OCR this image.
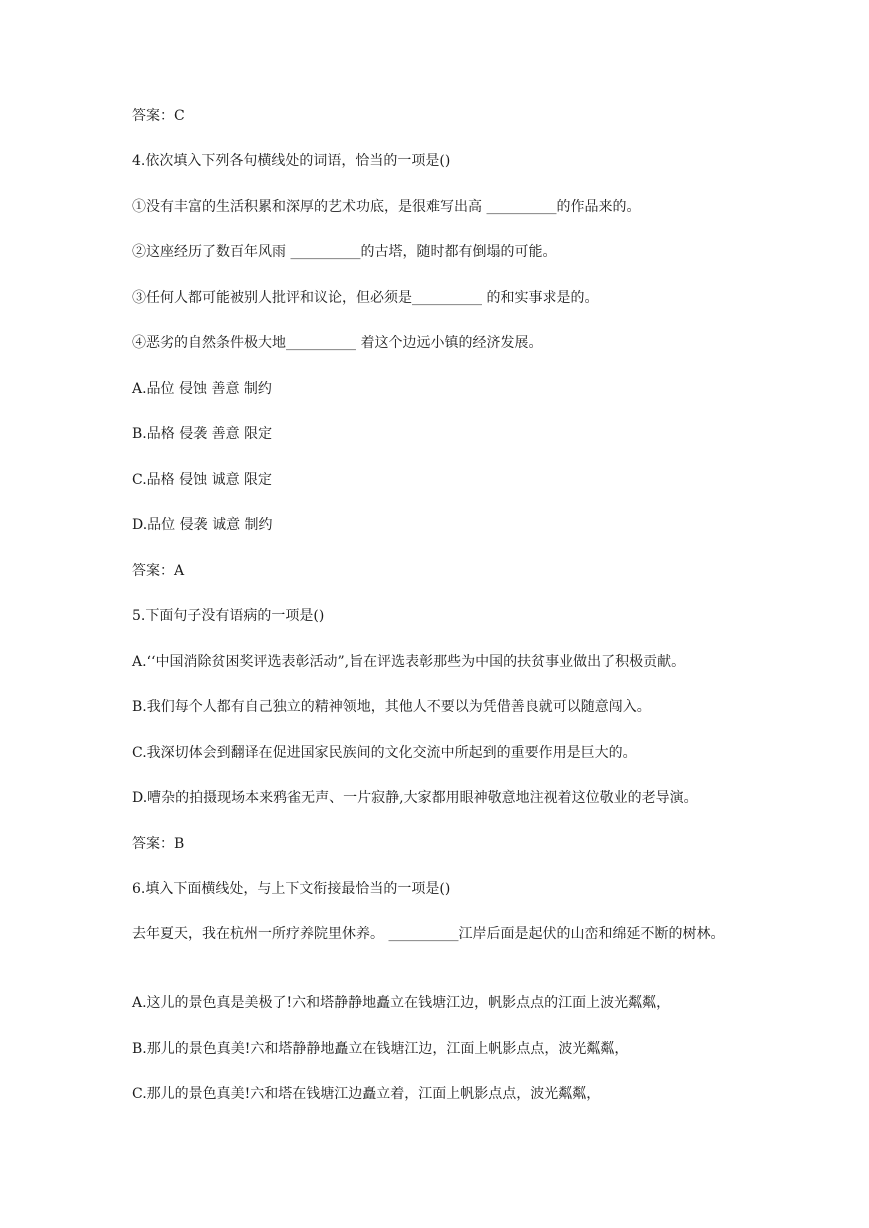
答案：C
4.依次填入下列各句横线处的词语，恰当的一项是()
①没有丰富的生活积累和深厚的艺术功底，是很难写出高 __________的作品来的。
②这座经历了数百年风雨 __________的古塔，随时都有倒塌的可能。
③任何人都可能被别人批评和议论，但必须是__________ 的和实事求是的。
④恶劣的自然条件极大地__________ 着这个边远小镇的经济发展。
A.品位 侵蚀 善意 制约
B.品格 侵袭 善意 限定
C.品格 侵蚀 诚意 限定
D.品位 侵袭 诚意 制约
答案：A
5.下面句子没有语病的一项是()
A.‘‘中国消除贫困奖评选表彰活动”,旨在评选表彰那些为中国的扶贫事业做出了积极贡献。
B.我们每个人都有自己独立的精神领地，其他人不要以为凭借善良就可以随意闯入。
C.我深切体会到翻译在促进国家民族间的文化交流中所起到的重要作用是巨大的。
D.嘈杂的拍摄现场本来鸦雀无声、一片寂静,大家都用眼神敬意地注视着这位敬业的老导演。
答案：B
6.填入下面横线处，与上下文衔接最恰当的一项是()
去年夏天，我在杭州一所疗养院里休养。 __________江岸后面是起伏的山峦和绵延不断的树林。
A.这儿的景色真是美极了!六和塔静静地矗立在钱塘江边，帆影点点的江面上波光粼粼，
B.那儿的景色真美!六和塔静静地矗立在钱塘江边，江面上帆影点点，波光粼粼，
C.那儿的景色真美!六和塔在钱塘江边矗立着，江面上帆影点点，波光粼粼，
